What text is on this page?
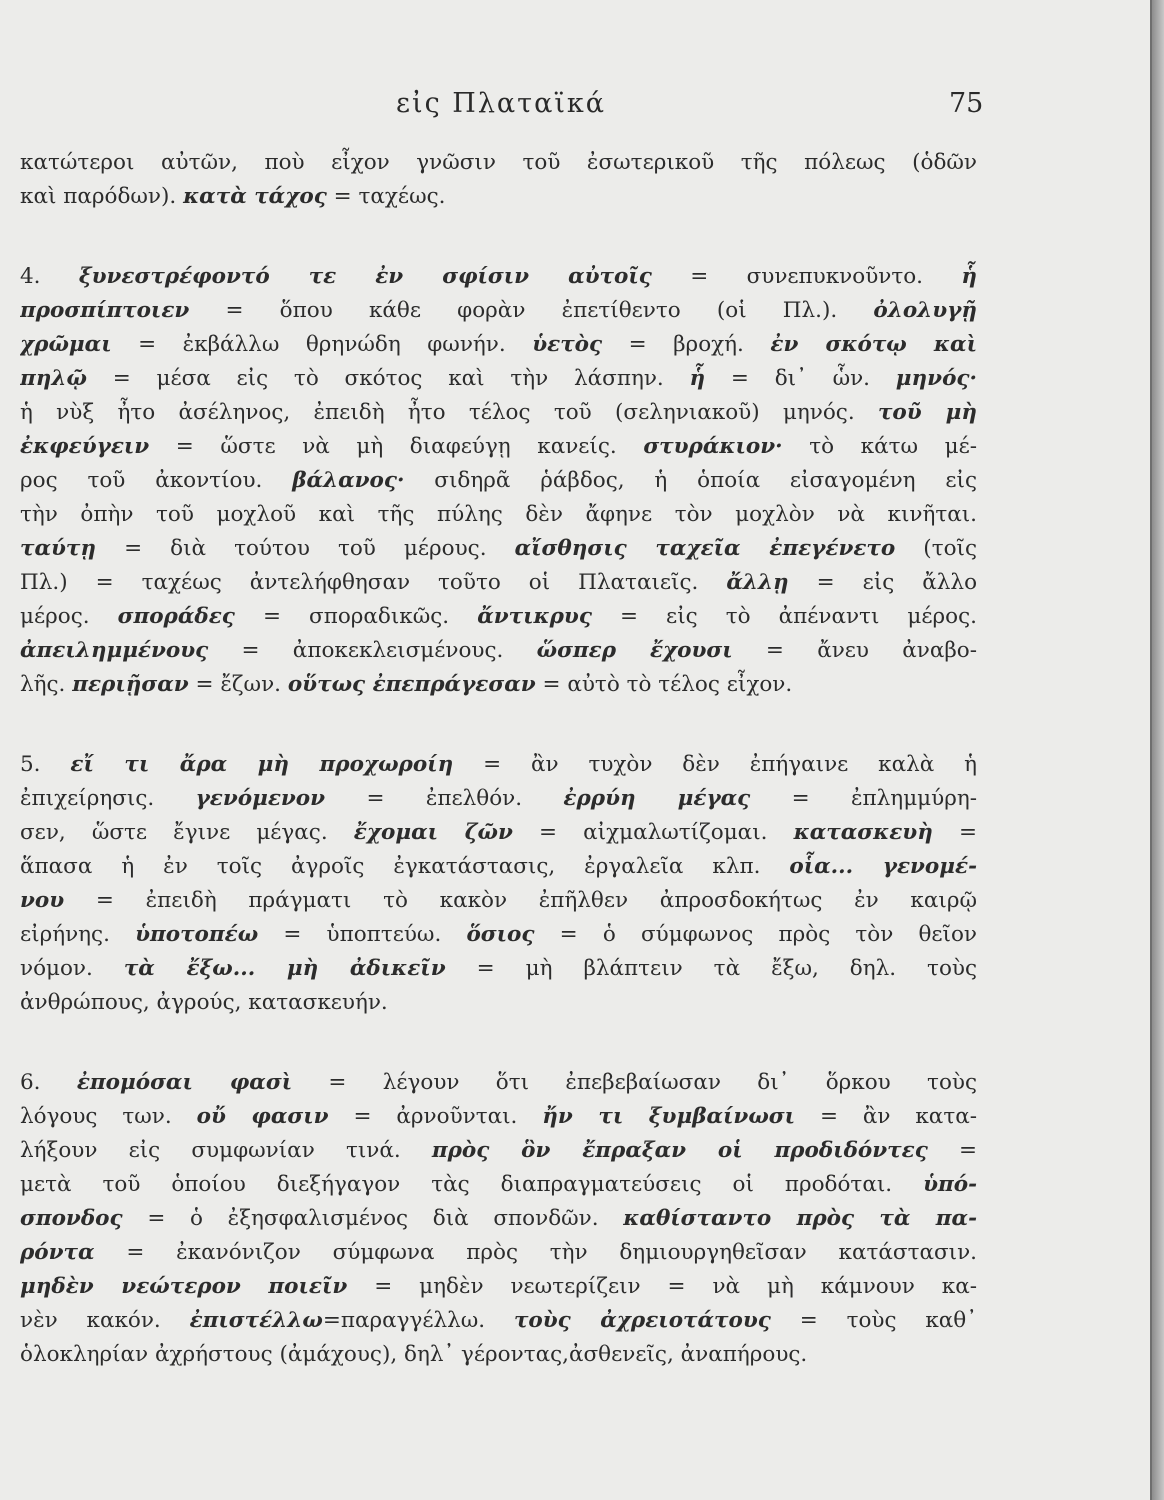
εἰς Πλαταϊκά	75
κατώτεροι αὐτῶν, ποὺ εἶχον γνῶσιν τοῦ ἐσωτερικοῦ τῆς πόλεως (ὁδῶν
καὶ παρόδων). κατὰ τάχος = ταχέως.
4. ξυνεστρέφοντό τε ἐν σφίσιν αὐτοῖς = συνεπυκνοῦντο. ἧ
προσπίπτοιεν = ὅπου κάθε φορὰν ἐπετίθεντο (οἱ Πλ.). ὀλολυγῇ
χρῶμαι = ἐκβάλλω θρηνώδη φωνήν. ὑετὸς = βροχή. ἐν σκότῳ καὶ
πηλῷ = μέσα εἰς τὸ σκότος καὶ τὴν λάσπην. ἧ = δι᾽ ὧν. μηνός·
ἡ νὺξ ἦτο ἀσέληνος, ἐπειδὴ ἦτο τέλος τοῦ (σεληνιακοῦ) μηνός. τοῦ μὴ
ἐκφεύγειν = ὥστε νὰ μὴ διαφεύγῃ κανείς. στυράκιον· τὸ κάτω μέ-
ρος τοῦ ἀκοντίου. βάλανος· σιδηρᾶ ῥάβδος, ἡ ὁποία εἰσαγομένη εἰς
τὴν ὀπὴν τοῦ μοχλοῦ καὶ τῆς πύλης δὲν ἄφηνε τὸν μοχλὸν νὰ κινῆται.
ταύτῃ = διὰ τούτου τοῦ μέρους. αἴσθησις ταχεῖα ἐπεγένετο (τοῖς
Πλ.) = ταχέως ἀντελήφθησαν τοῦτο οἱ Πλαταιεῖς. ἄλλῃ = εἰς ἄλλο
μέρος. σποράδες = σποραδικῶς. ἄντικρυς = εἰς τὸ ἀπέναντι μέρος.
ἀπειλημμένους = ἀποκεκλεισμένους. ὥσπερ ἔχουσι = ἄνευ ἀναβο-
λῆς. περιῇσαν = ἔζων. οὕτως ἐπεπράγεσαν = αὐτὸ τὸ τέλος εἶχον.
5. εἴ τι ἄρα μὴ προχωροίη = ἂν τυχὸν δὲν ἐπήγαινε καλὰ ἡ
ἐπιχείρησις. γενόμενον = ἐπελθόν. ἐρρύη μέγας = ἐπλημμύρη-
σεν, ὥστε ἔγινε μέγας. ἔχομαι ζῶν = αἰχμαλωτίζομαι. κατασκευὴ =
ἅπασα ἡ ἐν τοῖς ἀγροῖς ἐγκατάστασις, ἐργαλεῖα κλπ. οἷα... γενομέ-
νου = ἐπειδὴ πράγματι τὸ κακὸν ἐπῆλθεν ἀπροσδοκήτως ἐν καιρῷ
εἰρήνης. ὑποτοπέω = ὑποπτεύω. ὅσιος = ὁ σύμφωνος πρὸς τὸν θεῖον
νόμον. τὰ ἔξω... μὴ ἀδικεῖν = μὴ βλάπτειν τὰ ἔξω, δηλ. τοὺς
ἀνθρώπους, ἀγρούς, κατασκευήν.
6. ἐπομόσαι φασὶ = λέγουν ὅτι ἐπεβεβαίωσαν δι᾽ ὅρκου τοὺς
λόγους των. οὔ φασιν = ἀρνοῦνται. ἤν τι ξυμβαίνωσι = ἂν κατα-
λήξουν εἰς συμφωνίαν τινά. πρὸς ὃν ἔπραξαν οἱ προδιδόντες =
μετὰ τοῦ ὁποίου διεξήγαγον τὰς διαπραγματεύσεις οἱ προδόται. ὑπό-
σπονδος = ὁ ἐξησφαλισμένος διὰ σπονδῶν. καθίσταντο πρὸς τὰ πα-
ρόντα = ἐκανόνιζον σύμφωνα πρὸς τὴν δημιουργηθεῖσαν κατάστασιν.
μηδὲν νεώτερον ποιεῖν = μηδὲν νεωτερίζειν = νὰ μὴ κάμνουν κα-
νὲν κακόν. ἐπιστέλλω=παραγγέλλω. τοὺς ἀχρειοτάτους = τοὺς καθ᾽
ὁλοκληρίαν ἀχρήστους (ἀμάχους), δηλ᾽ γέροντας,ἀσθενεῖς, ἀναπήρους.
